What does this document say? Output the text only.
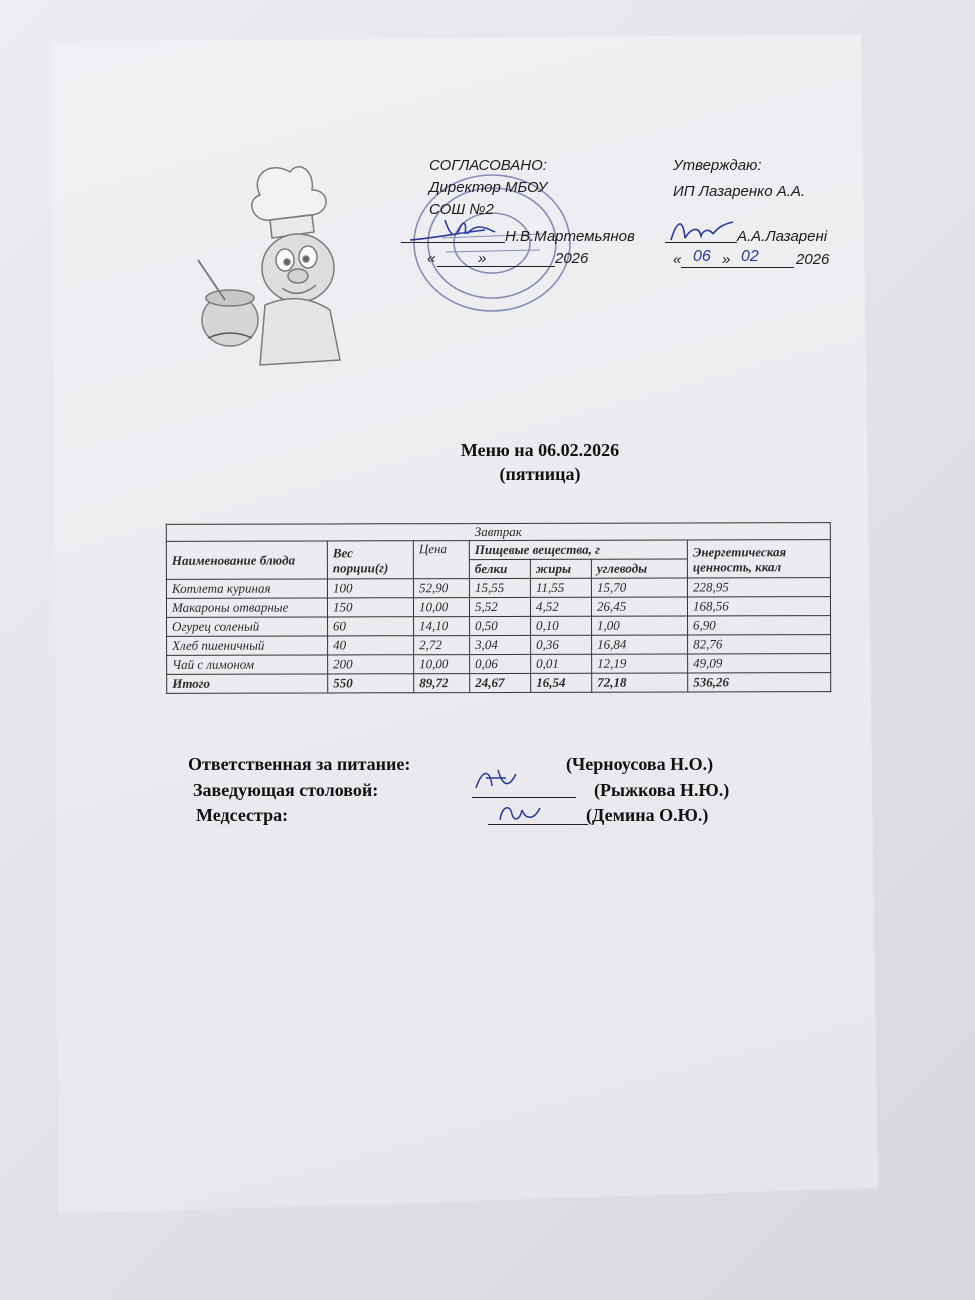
СОГЛАСОВАНО:
Директор МБОУ
СОШ №2
Н.В.Мартемьянов
«	»	2026
Утверждаю:
ИП Лазаренко А.А.
А.А.Лазарені
« 06 » 02 2026
Меню на 06.02.2026
(пятница)
Завтрак						
Наименование блюда	Вес порции(г)	Цена	Пищевые вещества, г			Энергетическая ценность, ккал
			белки	жиры	углеводы	
Котлета куриная	100	52,90	15,55	11,55	15,70	228,95
Макароны отварные	150	10,00	5,52	4,52	26,45	168,56
Огурец соленый	60	14,10	0,50	0,10	1,00	6,90
Хлеб пшеничный	40	2,72	3,04	0,36	16,84	82,76
Чай с лимоном	200	10,00	0,06	0,01	12,19	49,09
Итого	550	89,72	24,67	16,54	72,18	536,26
Ответственная за питание:	(Черноусова Н.О.)
Заведующая столовой:	(Рыжкова Н.Ю.)
Медсестра:	(Демина О.Ю.)
